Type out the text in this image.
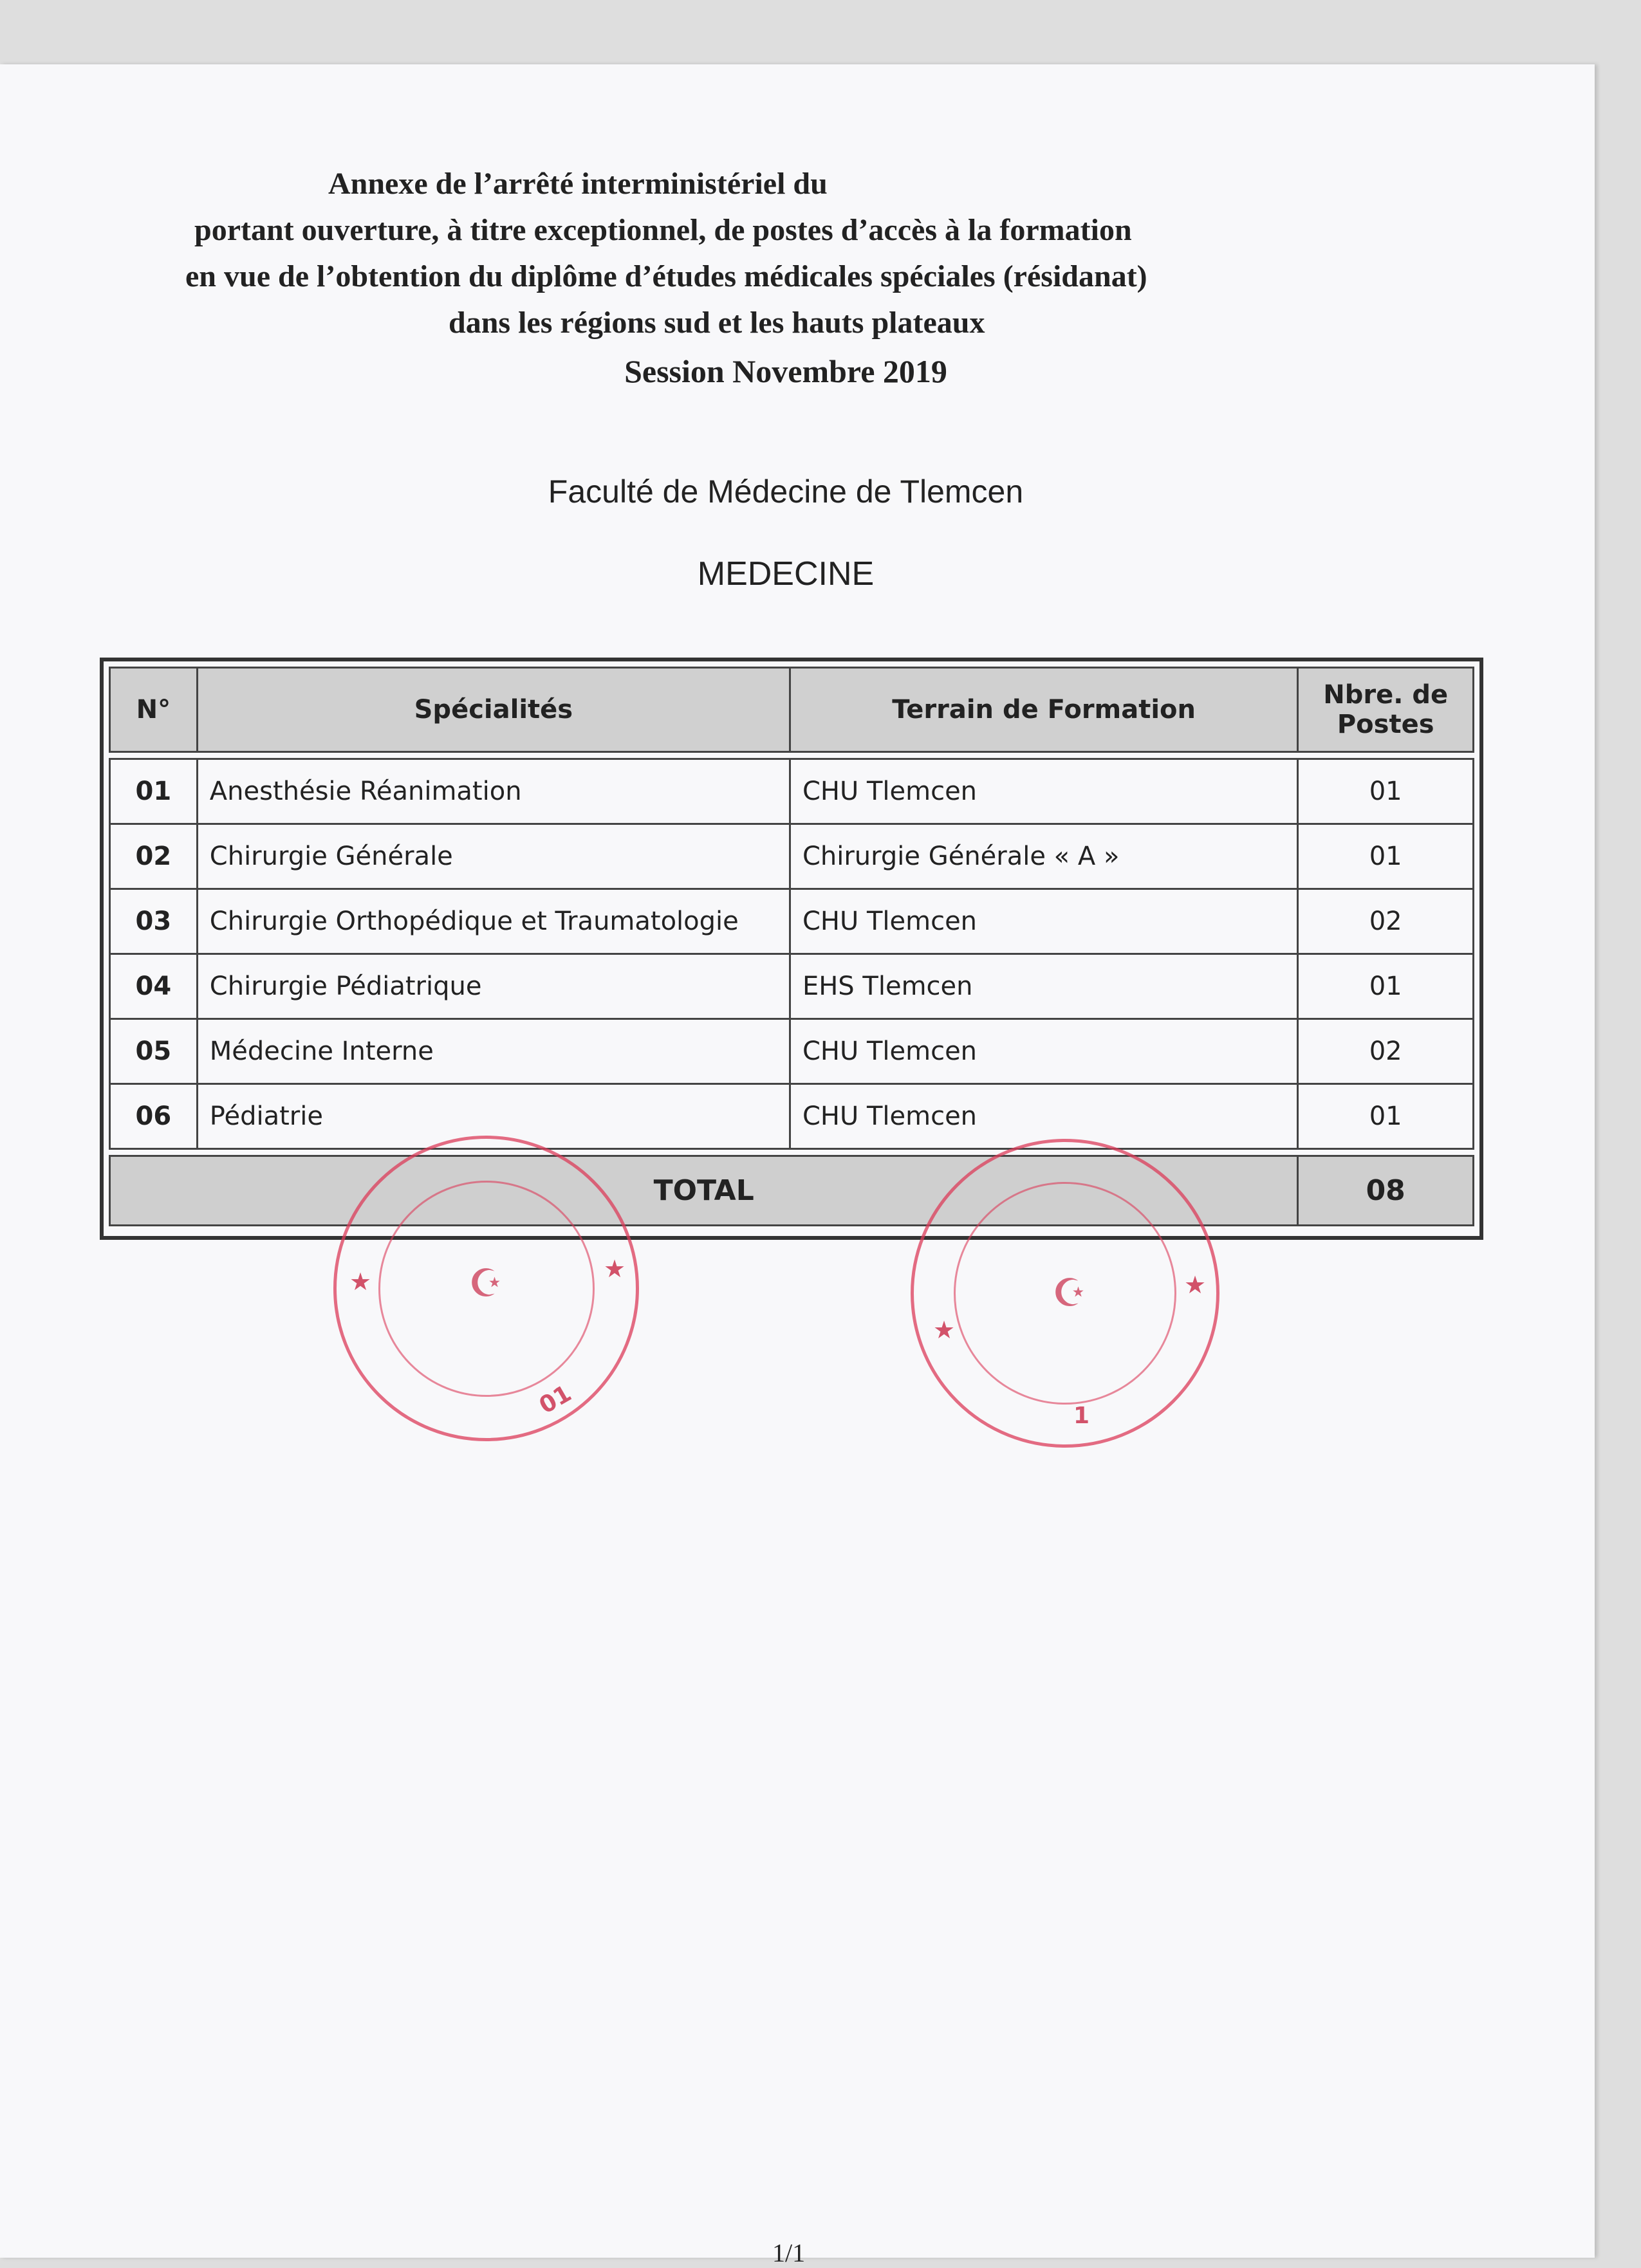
Annexe de l’arrêté interministériel du
portant ouverture, à titre exceptionnel, de postes d’accès à la formation
en vue de l’obtention du diplôme d’études médicales spéciales (résidanat)
dans les régions sud et les hauts plateaux
Session Novembre 2019
Faculté de Médecine de Tlemcen
MEDECINE
N°	Spécialités	Terrain de Formation	Nbre. de Postes

01	Anesthésie Réanimation	CHU Tlemcen	01
02	Chirurgie Générale	Chirurgie Générale « A »	01
03	Chirurgie Orthopédique et Traumatologie	CHU Tlemcen	02
04	Chirurgie Pédiatrique	EHS Tlemcen	01
05	Médecine Interne	CHU Tlemcen	02
06	Pédiatrie	CHU Tlemcen	01

TOTAL			08
☪	★
★
01
☪	★
★
1
1/1
